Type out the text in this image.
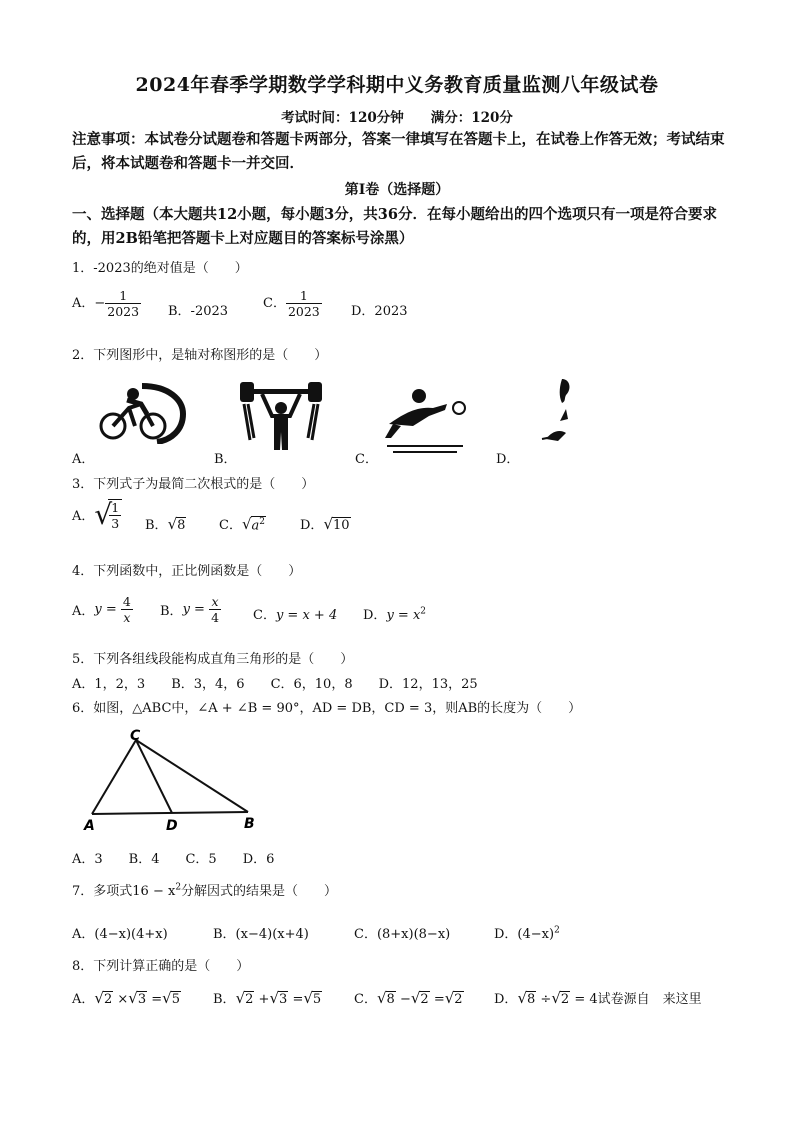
2024年春季学期数学学科期中义务教育质量监测八年级试卷
考试时间：120分钟　　满分：120分
注意事项：本试卷分试题卷和答题卡两部分，答案一律填写在答题卡上，在试卷上作答无效；考试结束后，将本试题卷和答题卡一并交回．
第Ⅰ卷（选择题）
一、选择题（本大题共12小题，每小题3分，共36分．在每小题给出的四个选项只有一项是符合要求的，用2B铅笔把答题卡上对应题目的答案标号涂黑）
1．-2023的绝对值是（　　）
A．− $\frac{1}{2023}$ B．-2023
C． $\frac{1}{2023}$ D．2023
2．下列图形中，是轴对称图形的是（　　）
A．	B．	C．	D．
3．下列式子为最简二次根式的是（　　）
A．√
$\frac{1}{3}$ B．√8	C．$√a^2$	D．√10
4．下列函数中，正比例函数是（　　）
A．$y = \frac{4}{x}$ B．$y = \frac{x}{4}$ C．y = x + 4 D．$y = x^2$
5．下列各组线段能构成直角三角形的是（　　）
A．1，2，3　　B．3，4，6　　C．6，10，8　　D．12，13，25
6．如图，△ABC中，∠A + ∠B = 90°，AD = DB，CD = 3，则AB的长度为（　　）
C
A	D	B
A．3　　B．4　　C．5　　D．6
7．多项式$16 - x^2$分解因式的结果是（　　）
A．(4−x)(4+x)	B．(x−4)(x+4)	C．(8+x)(8−x)	D．$(4-x)^2$
8．下列计算正确的是（　　）
A．√2 ×√3 =√5	B．√2 +√3 =√5	C．√8 −√2 =√2 D．√8 ÷√2 = 4试卷源自　来这里
